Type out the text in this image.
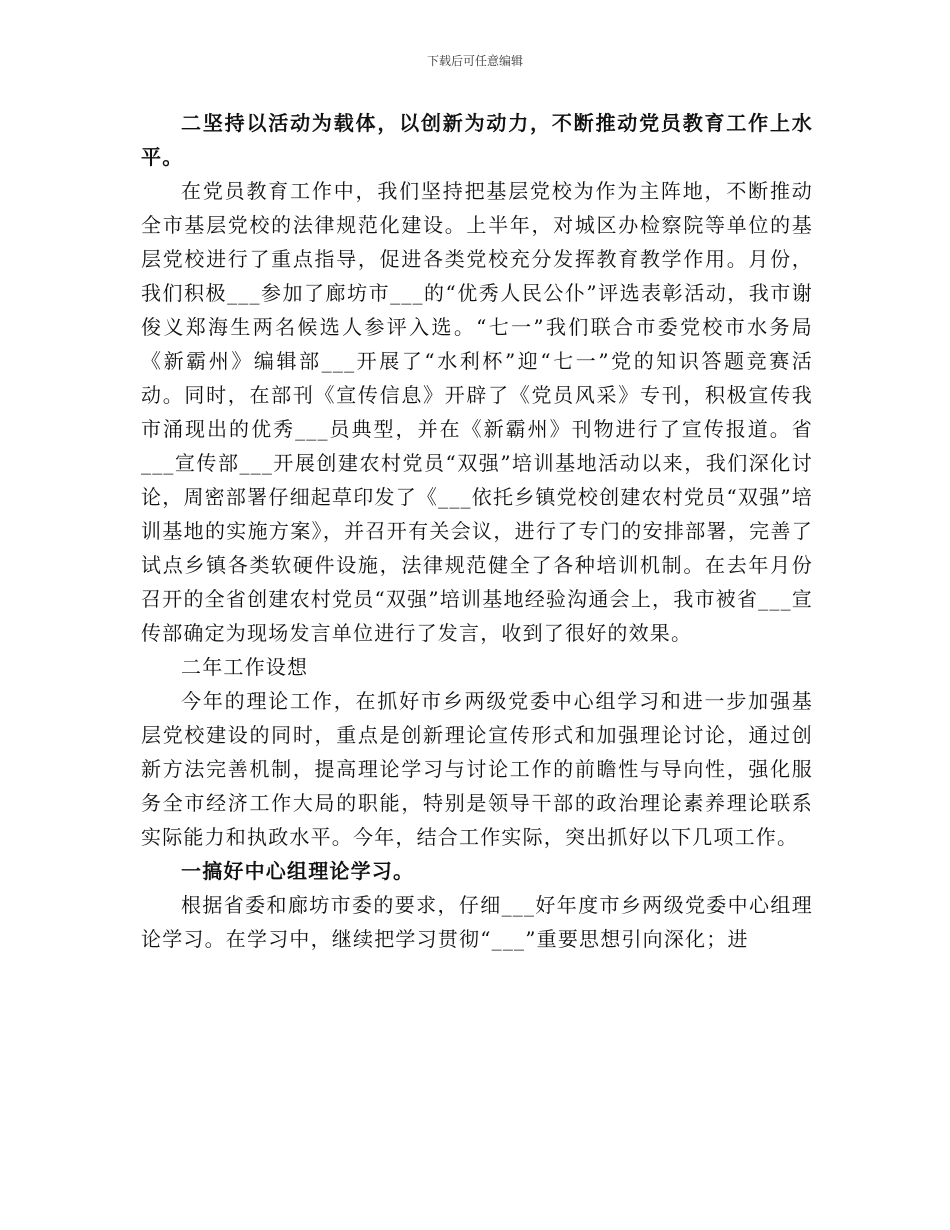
下载后可任意编辑

二坚持以活动为载体，以创新为动力，不断推动党员教育工作上水平。

在党员教育工作中，我们坚持把基层党校为作为主阵地，不断推动全市基层党校的法律规范化建设。上半年，对城区办检察院等单位的基层党校进行了重点指导，促进各类党校充分发挥教育教学作用。月份，我们积极___参加了廊坊市___的“优秀人民公仆”评选表彰活动，我市谢俊义郑海生两名候选人参评入选。“七一”我们联合市委党校市水务局《新霸州》编辑部___开展了“水利杯”迎“七一”党的知识答题竞赛活动。同时，在部刊《宣传信息》开辟了《党员风采》专刊，积极宣传我市涌现出的优秀___员典型，并在《新霸州》刊物进行了宣传报道。省___宣传部___开展创建农村党员“双强”培训基地活动以来，我们深化讨论，周密部署仔细起草印发了《___依托乡镇党校创建农村党员“双强”培训基地的实施方案》，并召开有关会议，进行了专门的安排部署，完善了试点乡镇各类软硬件设施，法律规范健全了各种培训机制。在去年月份召开的全省创建农村党员“双强”培训基地经验沟通会上，我市被省___宣传部确定为现场发言单位进行了发言，收到了很好的效果。

二年工作设想

今年的理论工作，在抓好市乡两级党委中心组学习和进一步加强基层党校建设的同时，重点是创新理论宣传形式和加强理论讨论，通过创新方法完善机制，提高理论学习与讨论工作的前瞻性与导向性，强化服务全市经济工作大局的职能，特别是领导干部的政治理论素养理论联系实际能力和执政水平。今年，结合工作实际，突出抓好以下几项工作。

一搞好中心组理论学习。

根据省委和廊坊市委的要求，仔细___好年度市乡两级党委中心组理论学习。在学习中，继续把学习贯彻“___”重要思想引向深化；进
